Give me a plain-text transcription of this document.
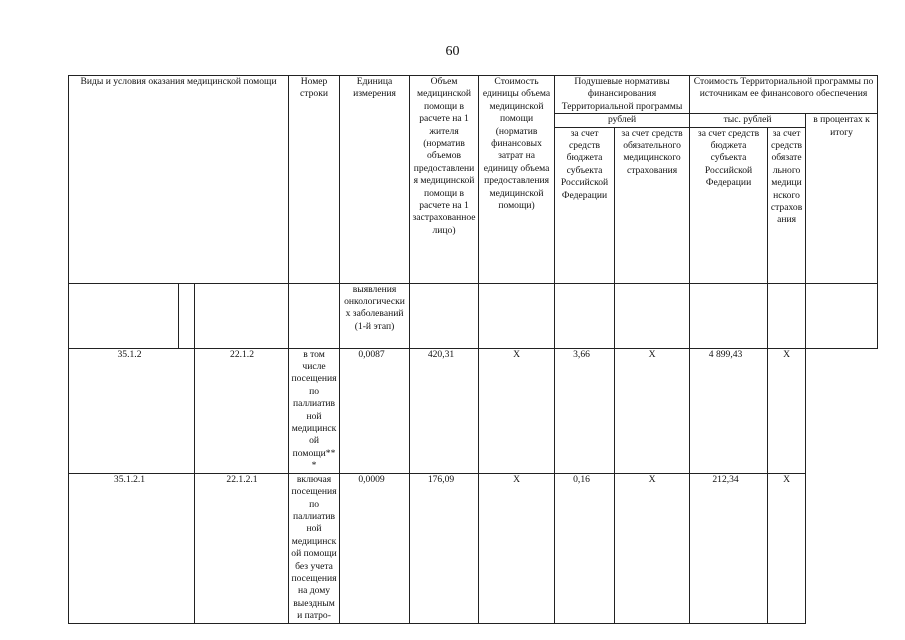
60
Виды и условия оказания медицинской помощи			Номер строки	Единица измерения	Объем медицинской помощи в расчете на 1 жителя (норматив объемов предоставления медицинской помощи в расчете на 1 застрахованное лицо)	Стоимость единицы объема медицинской помощи (норматив финансовых затрат на единицу объема предоставления медицинской помощи)	Подушевые нормативы финансирования Территориальной программы		Стоимость Территориальной программы по источникам ее финансового обеспечения		
							рублей		тыс. рублей		в процентах к итогу
							за счет средств бюджета субъекта Российской Федерации	за счет средств обязательного медицинского страхования	за счет средств бюджета субъекта Российской Федерации	за счет средств обязательного медицинского страхования	
				выявления онкологических заболеваний (1-й этап)							
35.1.2		22.1.2	в том числе посещения по паллиативной медицинской помощи***	0,0087	420,31	Х	3,66	Х	4 899,43	Х	
35.1.2.1		22.1.2.1	включая посещения по паллиативной медицинской помощи без учета посещения на дому выездными патро-	0,0009	176,09	Х	0,16	Х	212,34	Х	
